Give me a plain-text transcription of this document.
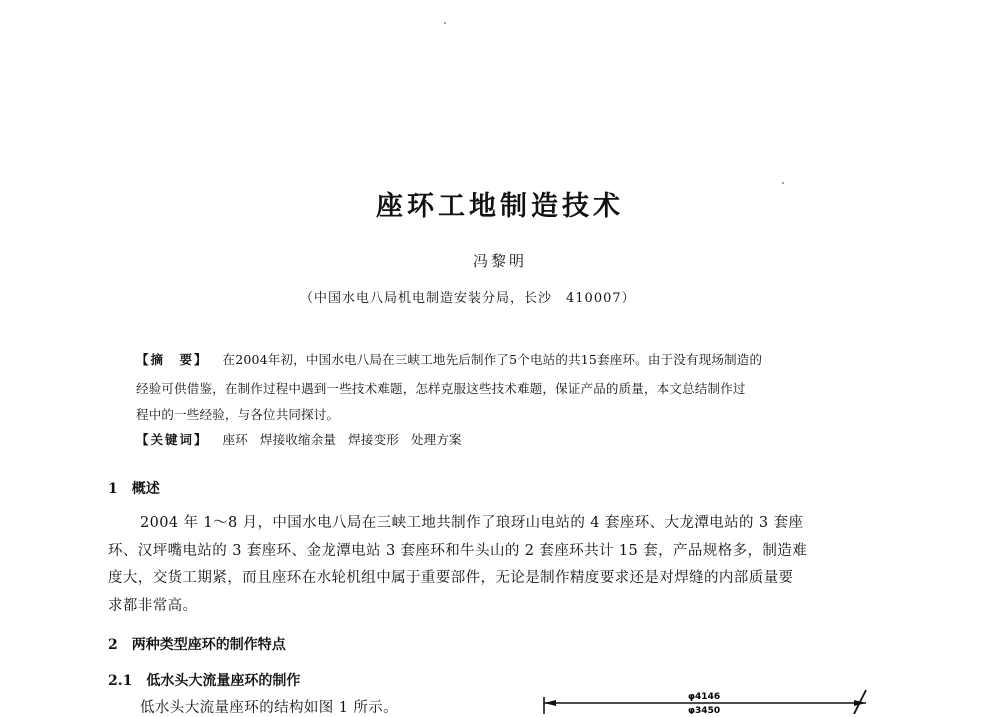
座环工地制造技术
冯黎明
（中国水电八局机电制造安装分局，长沙　410007）
【摘　要】 在2004年初，中国水电八局在三峡工地先后制作了5个电站的共15套座环。由于没有现场制造的
经验可供借鉴，在制作过程中遇到一些技术难题，怎样克服这些技术难题，保证产品的质量，本文总结制作过
程中的一些经验，与各位共同探讨。
【关键词】 座环 焊接收缩余量 焊接变形 处理方案
1 概述
2004 年 1～8 月，中国水电八局在三峡工地共制作了琅玡山电站的 4 套座环、大龙潭电站的 3 套座
环、汉坪嘴电站的 3 套座环、金龙潭电站 3 套座环和牛头山的 2 套座环共计 15 套，产品规格多，制造难
度大，交货工期紧，而且座环在水轮机组中属于重要部件，无论是制作精度要求还是对焊缝的内部质量要
求都非常高。
2 两种类型座环的制作特点
2.1 低水头大流量座环的制作
低水头大流量座环的结构如图 1 所示。
φ4146
φ3450
